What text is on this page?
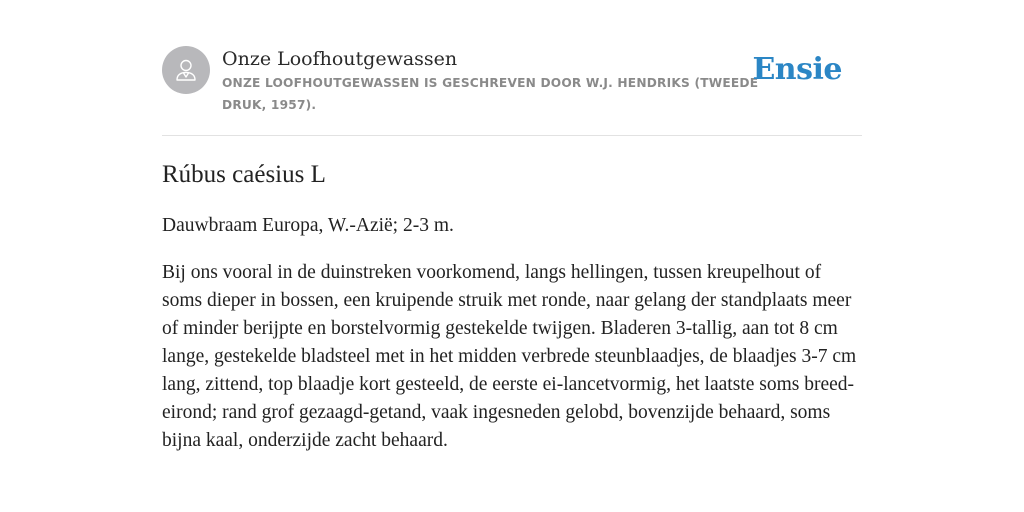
Onze Loofhoutgewassen
ONZE LOOFHOUTGEWASSEN IS GESCHREVEN DOOR W.J. HENDRIKS (TWEEDE DRUK, 1957).
Ensie
Rúbus caésius L

Dauwbraam Europa, W.-Azië; 2-3 m.

Bij ons vooral in de duinstreken voorkomend, langs hellingen, tussen kreupelhout of soms dieper in bossen, een kruipende struik met ronde, naar gelang der standplaats meer of minder berijpte en borstelvormig gestekelde twijgen. Bladeren 3-tallig, aan tot 8 cm lange, gestekelde bladsteel met in het midden verbrede steunblaadjes, de blaadjes 3-7 cm lang, zittend, top blaadje kort gesteeld, de eerste ei-lancetvormig, het laatste soms breed-eirond; rand grof gezaagd-getand, vaak ingesneden gelobd, bovenzijde behaard, soms bijna kaal, onderzijde zacht behaard.
